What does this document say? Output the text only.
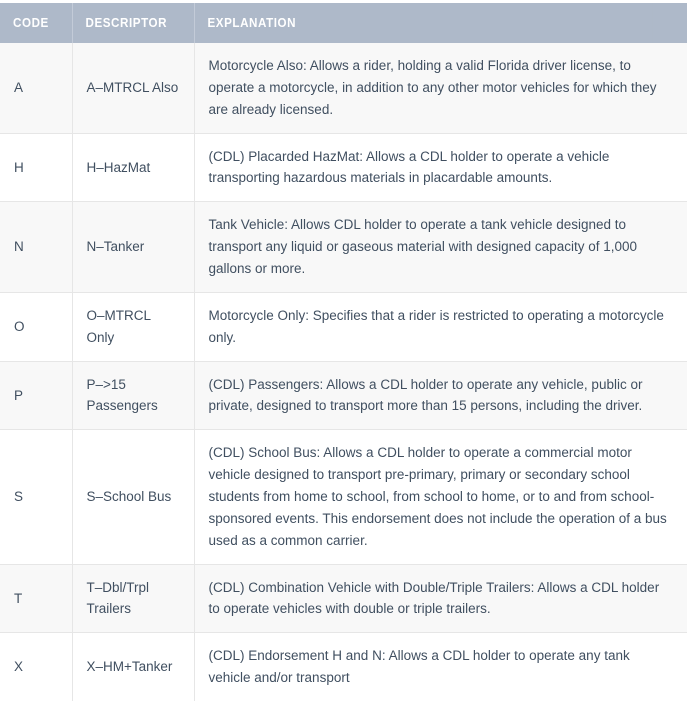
CODE	DESCRIPTOR	EXPLANATION
A	A–MTRCL Also	Motorcycle Also: Allows a rider, holding a valid Florida driver license, to operate a motorcycle, in addition to any other motor vehicles for which they are already licensed.
H	H–HazMat	(CDL) Placarded HazMat: Allows a CDL holder to operate a vehicle transporting hazardous materials in placardable amounts.
N	N–Tanker	Tank Vehicle: Allows CDL holder to operate a tank vehicle designed to transport any liquid or gaseous material with designed capacity of 1,000 gallons or more.
O	O–MTRCL Only	Motorcycle Only: Specifies that a rider is restricted to operating a motorcycle only.
P	P–>15 Passengers	(CDL) Passengers: Allows a CDL holder to operate any vehicle, public or private, designed to transport more than 15 persons, including the driver.
S	S–School Bus	(CDL) School Bus: Allows a CDL holder to operate a commercial motor vehicle designed to transport pre-primary, primary or secondary school students from home to school, from school to home, or to and from school-sponsored events. This endorsement does not include the operation of a bus used as a common carrier.
T	T–Dbl/Trpl Trailers	(CDL) Combination Vehicle with Double/Triple Trailers: Allows a CDL holder to operate vehicles with double or triple trailers.
X	X–HM+Tanker	(CDL) Endorsement H and N: Allows a CDL holder to operate any tank vehicle and/or transport
